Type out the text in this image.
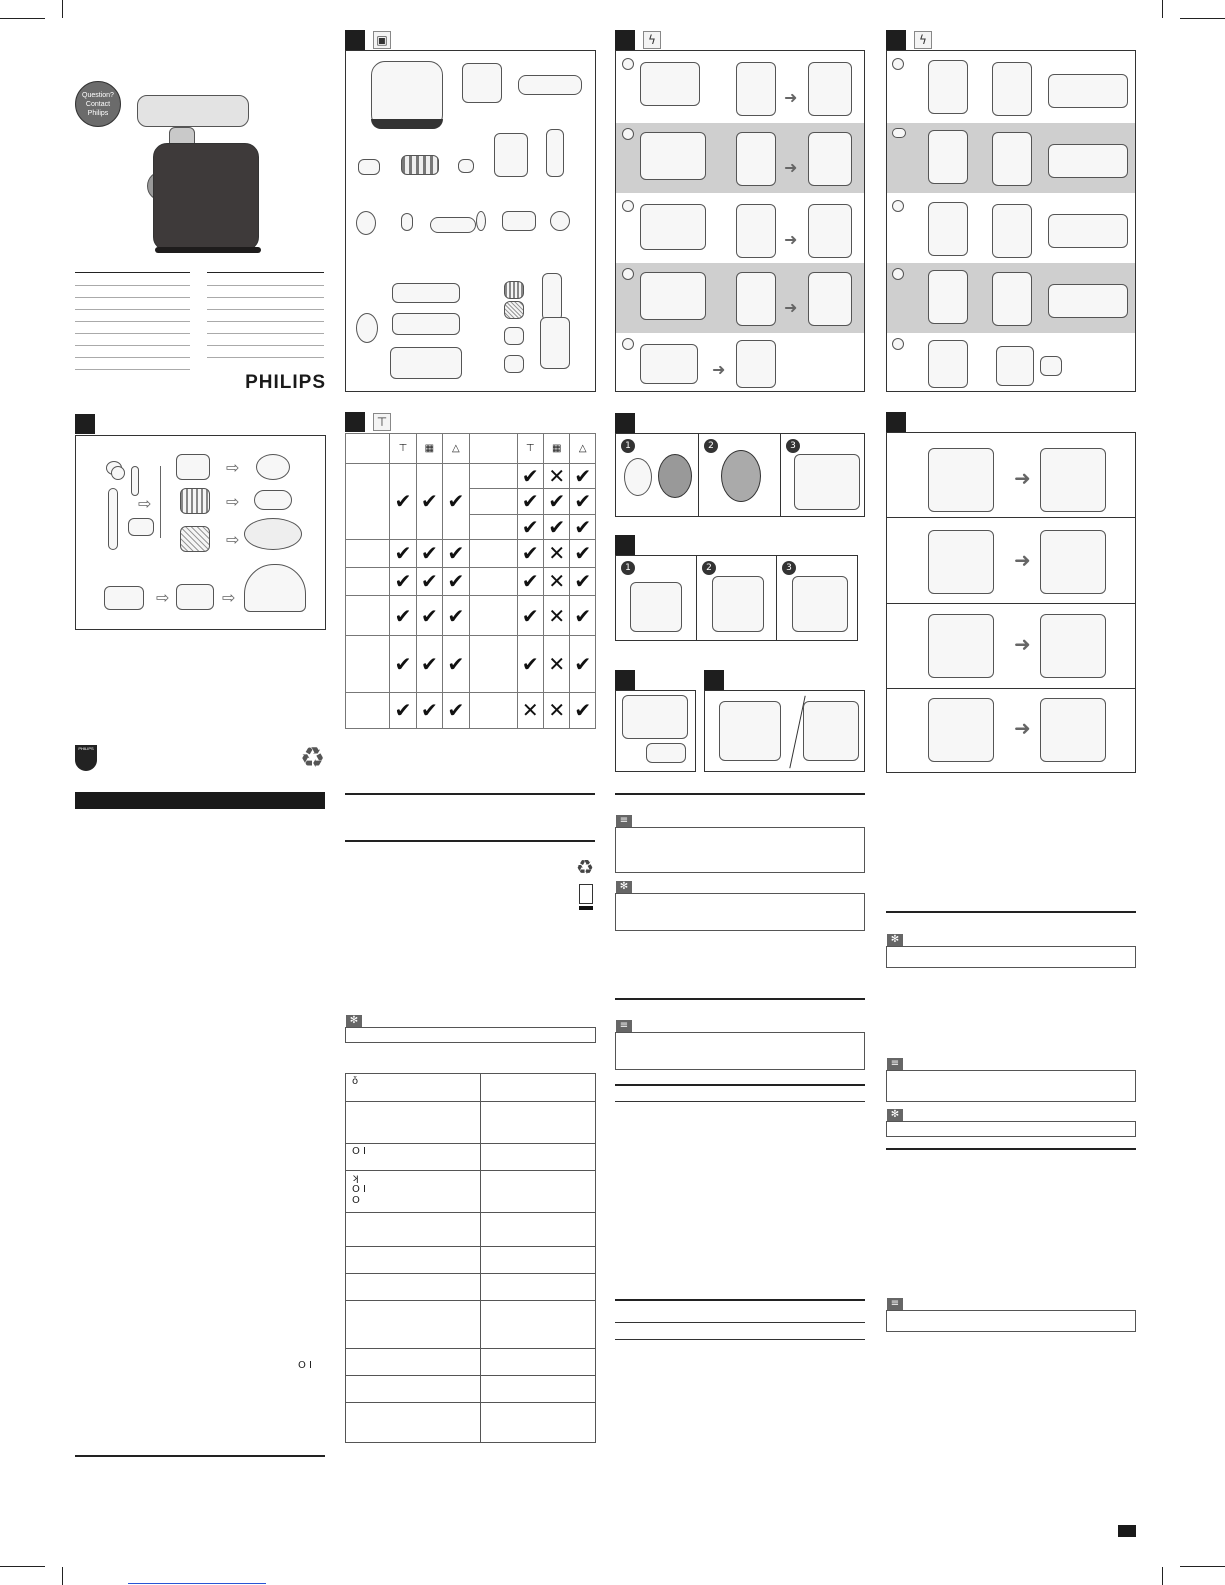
Question?
Contact
Philips
PHILIPS
⇨
⇨
⇨
⇨
⇨	⇨
PHILIPS	♻
O I
▣
⊤
	⊤	▦	△		⊤	▦	△
	✔	✔	✔		✔	✕	✔
					✔	✔	✔
					✔	✔	✔
	✔	✔	✔		✔	✕	✔
	✔	✔	✔		✔	✕	✔
	✔	✔	✔		✔	✕	✔
	✔	✔	✔		✔	✕	✔
	✔	✔	✔		✕	✕	✔
♻
✻
ǒ	

O I	
ʞ
O I
O	

ϟ
➜
➜
➜
➜
➜
1	2	3
1	2	3
≡
✻
≡
ϟ
➜
➜
➜
➜
✻
≡
✻
≡
